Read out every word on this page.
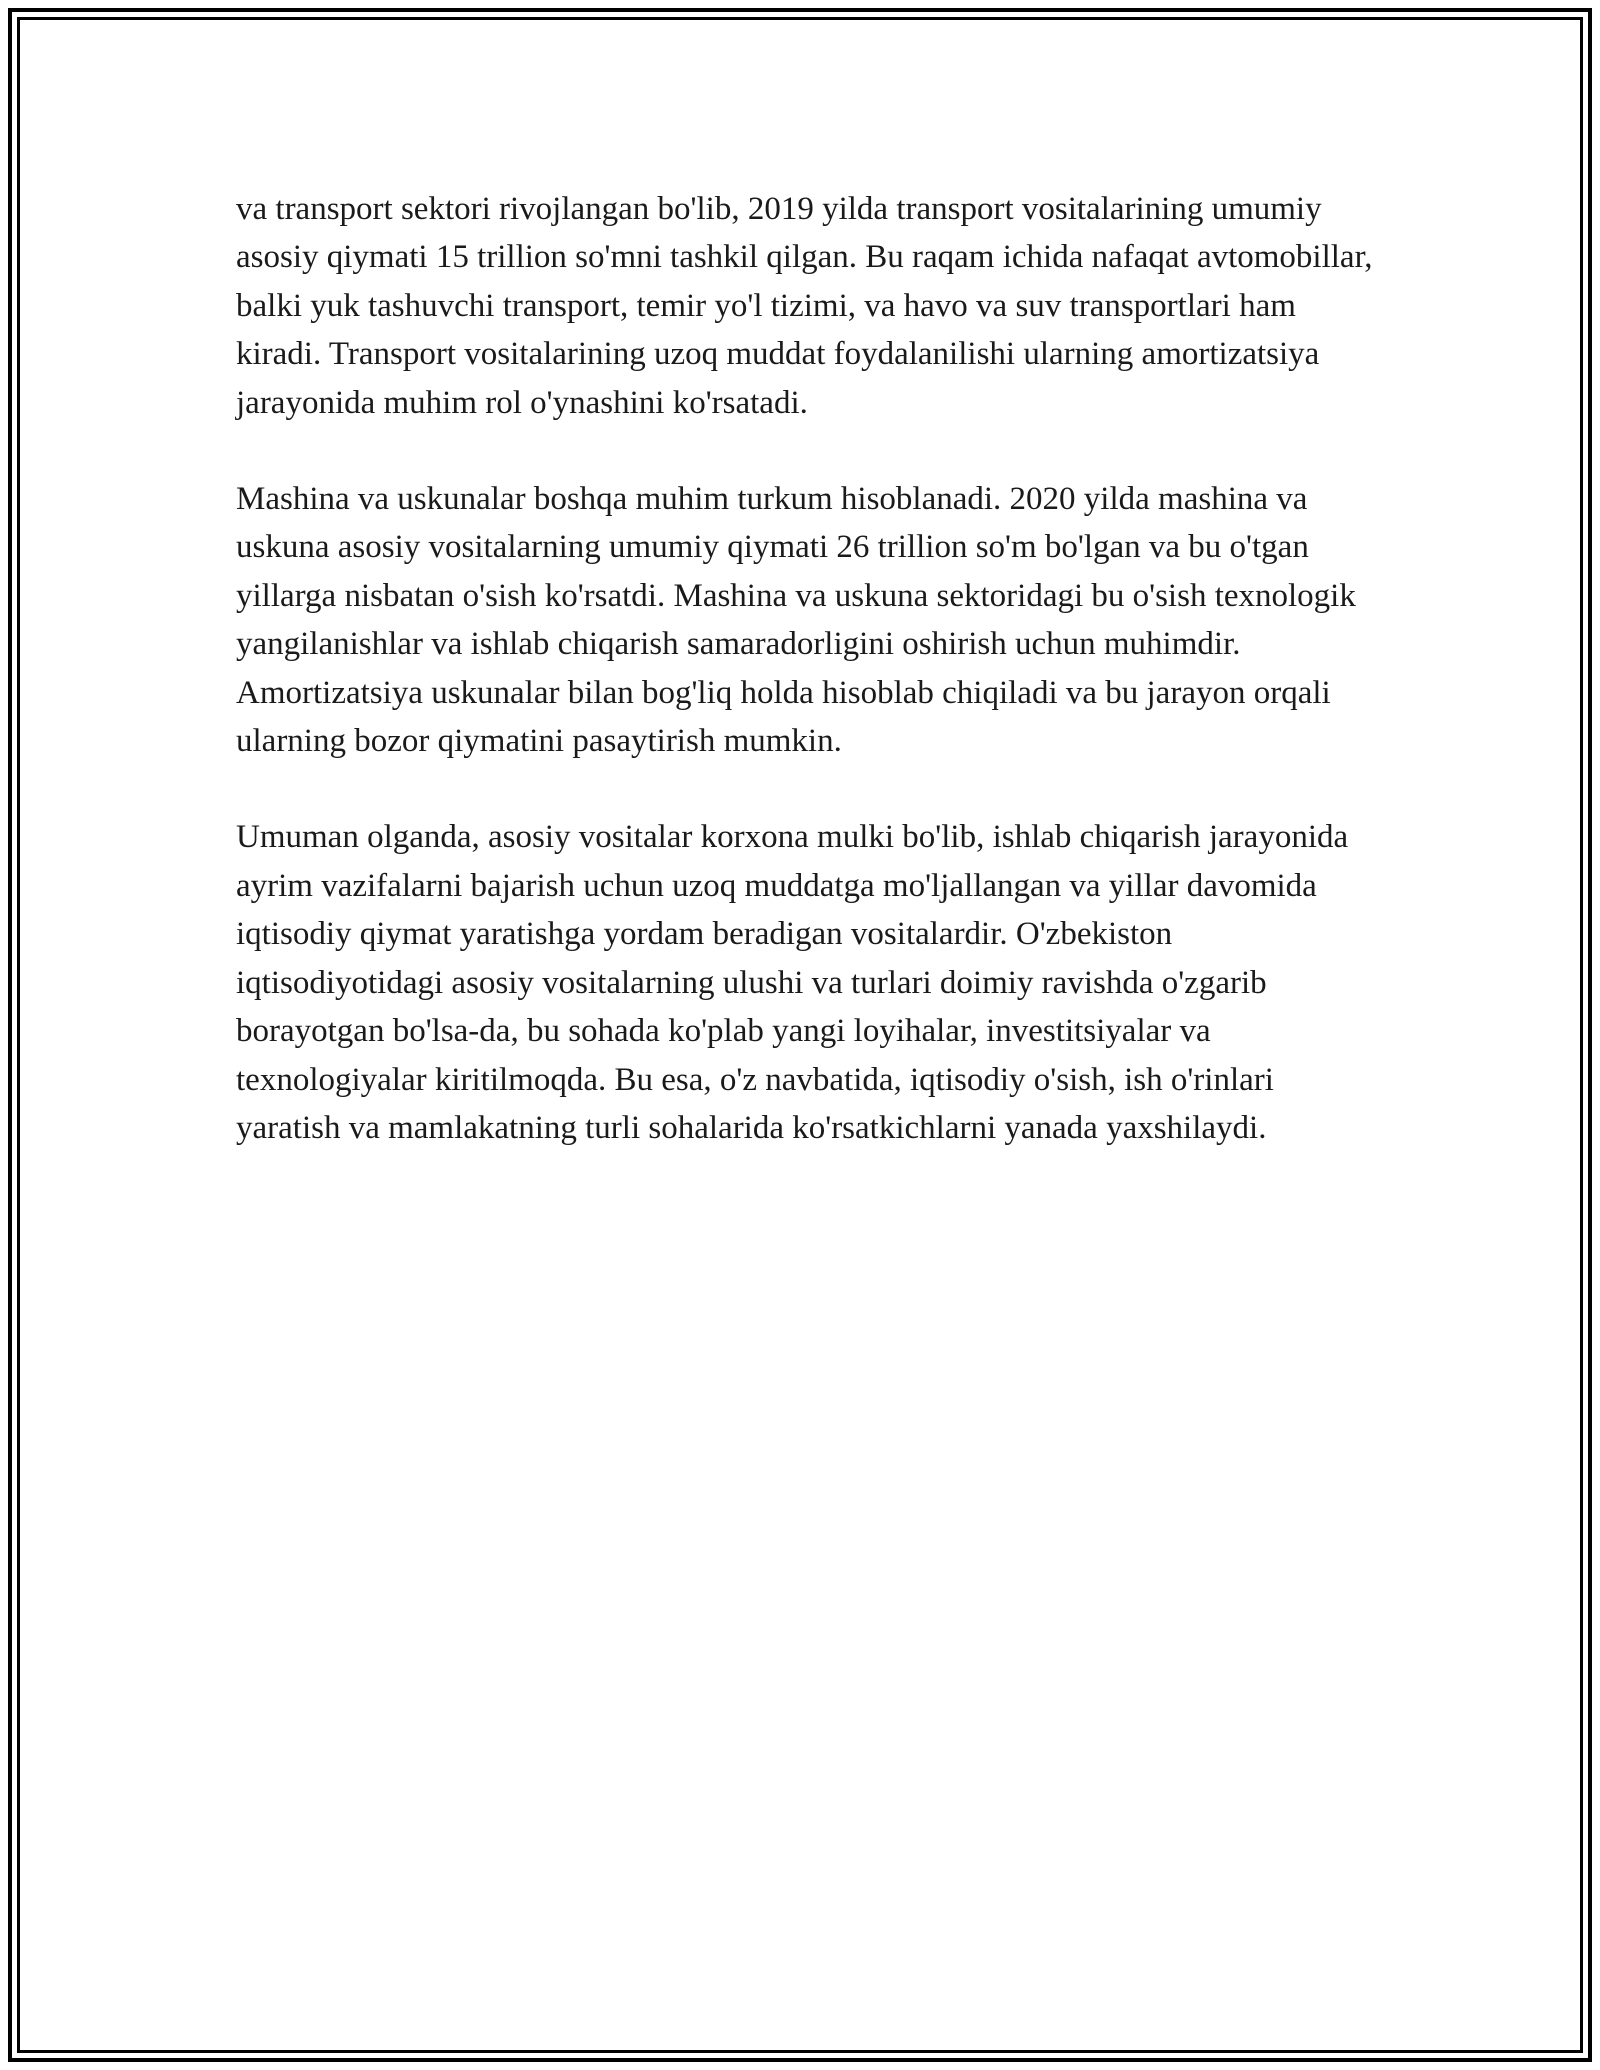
va transport sektori rivojlangan bo'lib, 2019 yilda transport vositalarining umumiy asosiy qiymati 15 trillion so'mni tashkil qilgan. Bu raqam ichida nafaqat avtomobillar, balki yuk tashuvchi transport, temir yo'l tizimi, va havo va suv transportlari ham kiradi. Transport vositalarining uzoq muddat foydalanilishi ularning amortizatsiya jarayonida muhim rol o'ynashini ko'rsatadi.

Mashina va uskunalar boshqa muhim turkum hisoblanadi. 2020 yilda mashina va uskuna asosiy vositalarning umumiy qiymati 26 trillion so'm bo'lgan va bu o'tgan yillarga nisbatan o'sish ko'rsatdi. Mashina va uskuna sektoridagi bu o'sish texnologik yangilanishlar va ishlab chiqarish samaradorligini oshirish uchun muhimdir. Amortizatsiya uskunalar bilan bog'liq holda hisoblab chiqiladi va bu jarayon orqali ularning bozor qiymatini pasaytirish mumkin.

Umuman olganda, asosiy vositalar korxona mulki bo'lib, ishlab chiqarish jarayonida ayrim vazifalarni bajarish uchun uzoq muddatga mo'ljallangan va yillar davomida iqtisodiy qiymat yaratishga yordam beradigan vositalardir. O'zbekiston iqtisodiyotidagi asosiy vositalarning ulushi va turlari doimiy ravishda o'zgarib borayotgan bo'lsa-da, bu sohada ko'plab yangi loyihalar, investitsiyalar va texnologiyalar kiritilmoqda. Bu esa, o'z navbatida, iqtisodiy o'sish, ish o'rinlari yaratish va mamlakatning turli sohalarida ko'rsatkichlarni yanada yaxshilaydi.
